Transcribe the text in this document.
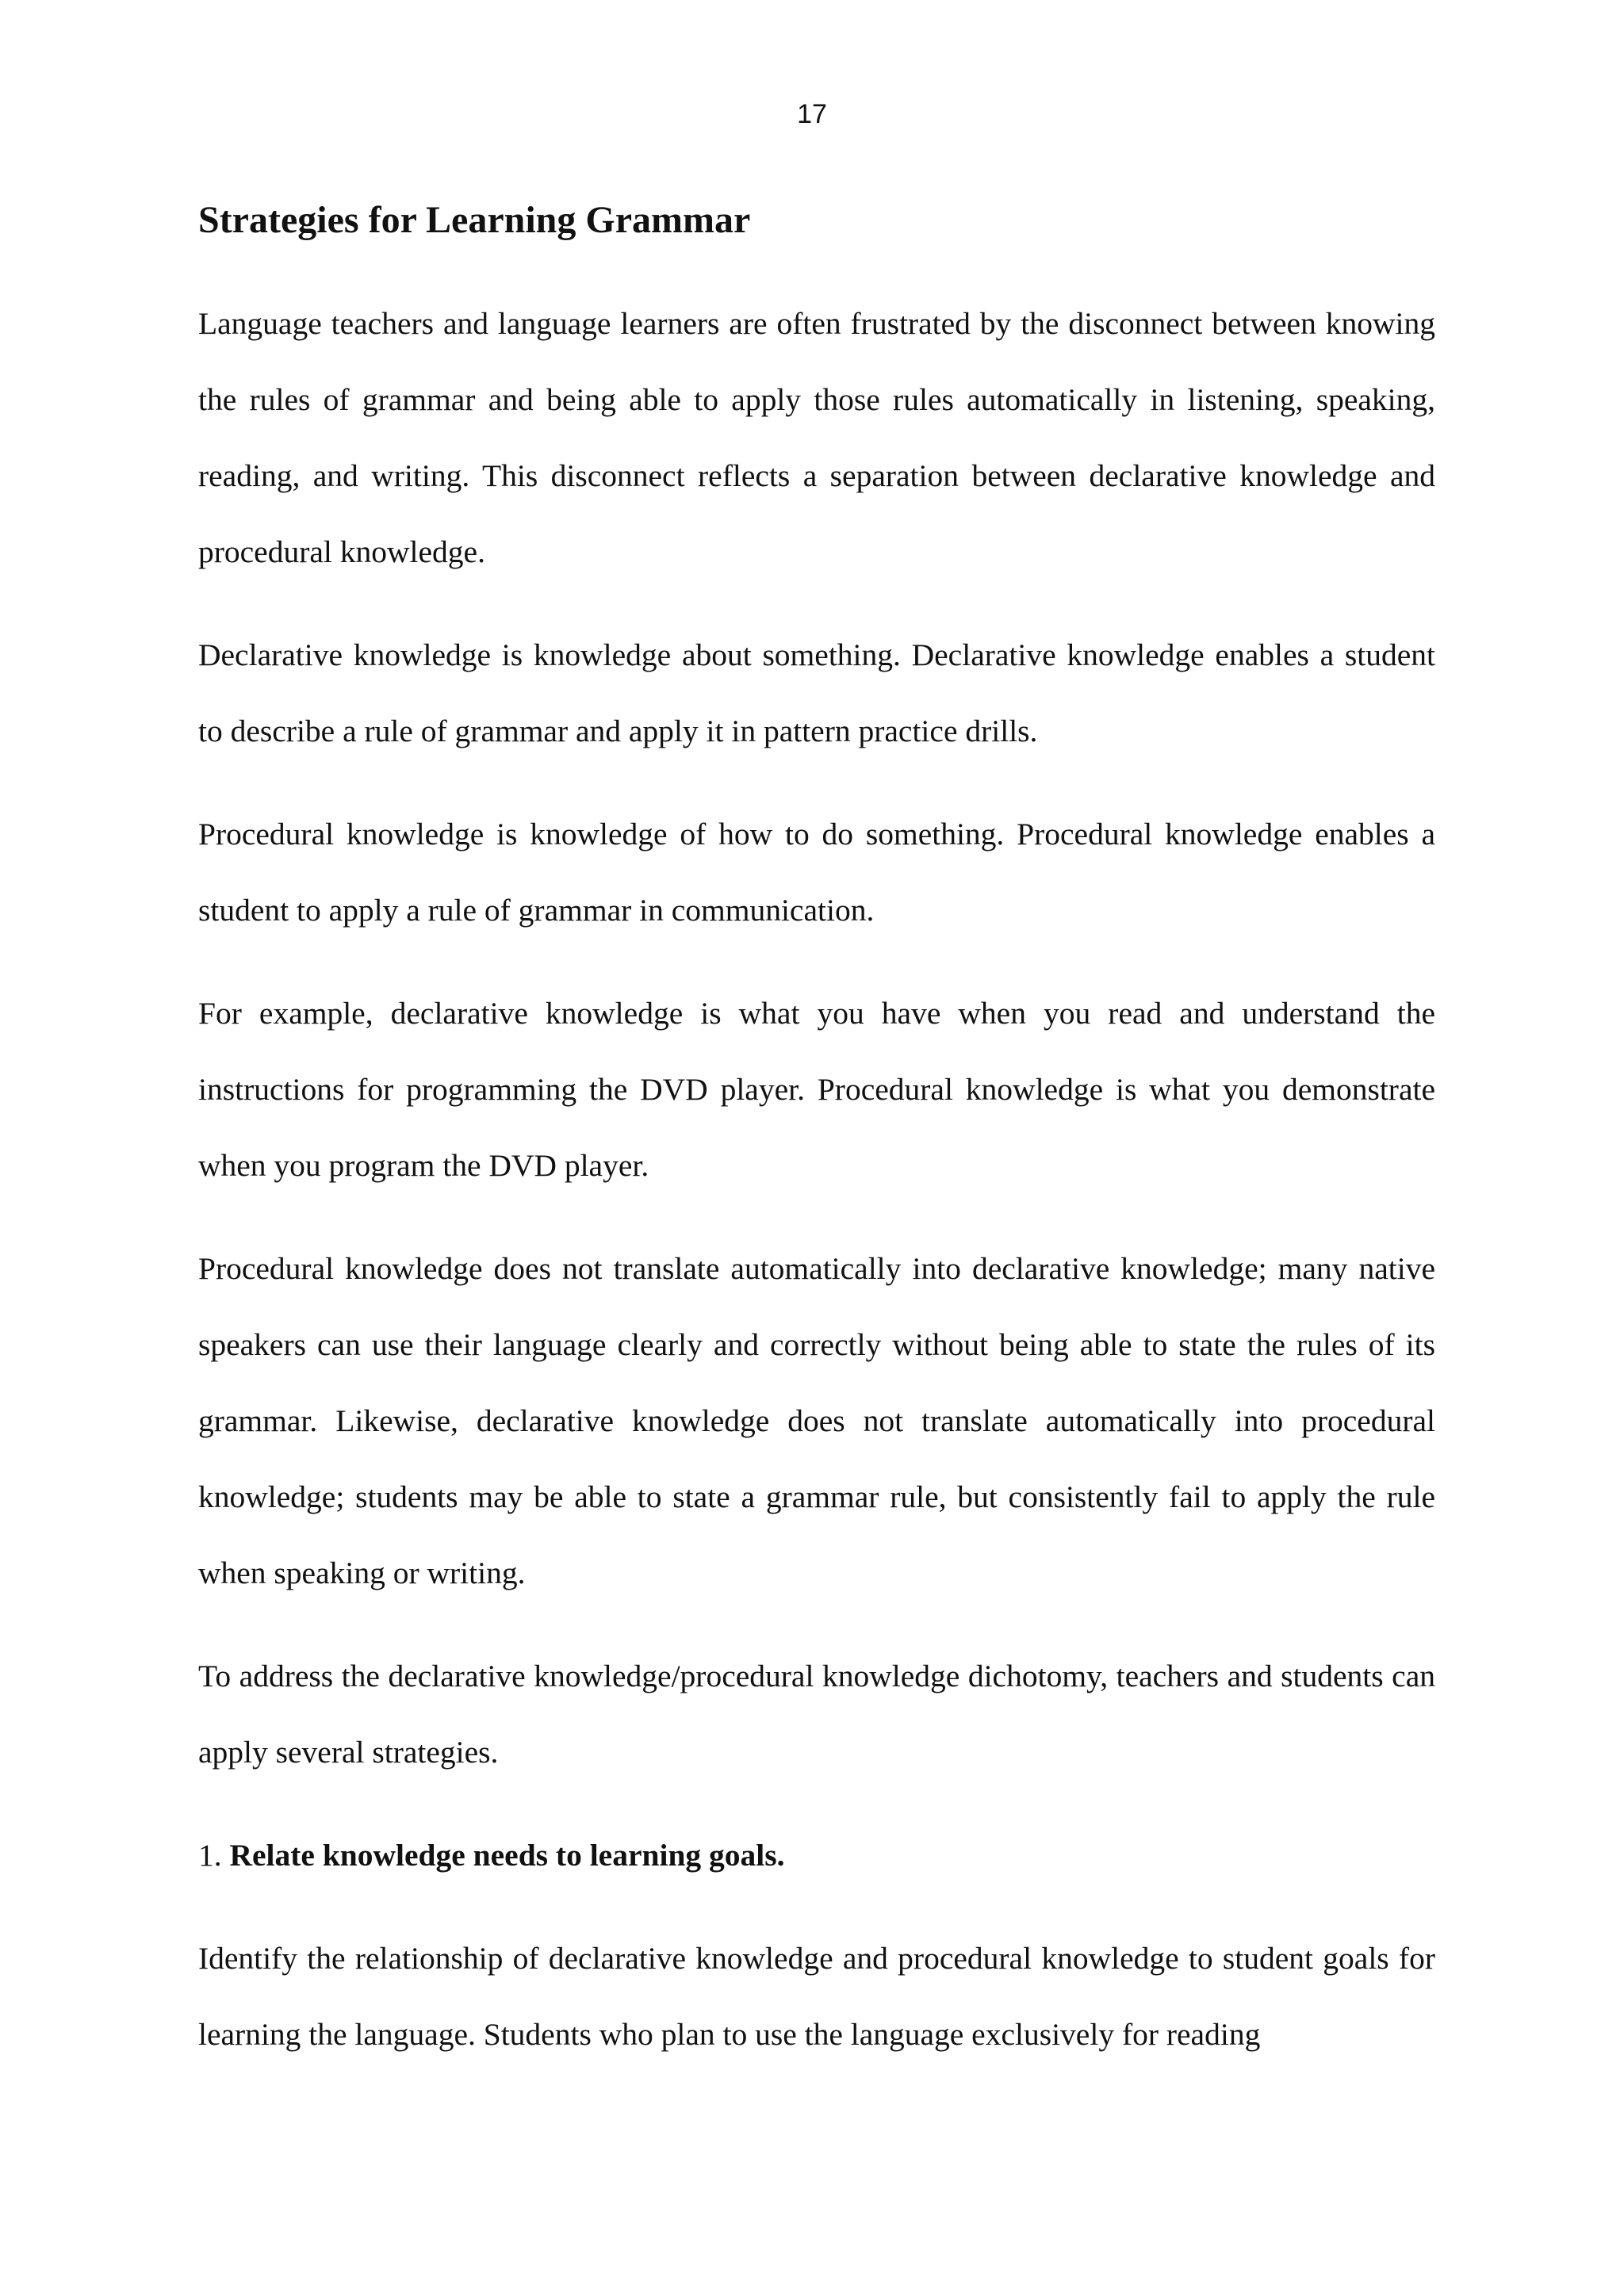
17
Strategies for Learning Grammar

Language teachers and language learners are often frustrated by the disconnect between knowing the rules of grammar and being able to apply those rules automatically in listening, speaking, reading, and writing. This disconnect reflects a separation between declarative knowledge and procedural knowledge.

Declarative knowledge is knowledge about something. Declarative knowledge enables a student to describe a rule of grammar and apply it in pattern practice drills.

Procedural knowledge is knowledge of how to do something. Procedural knowledge enables a student to apply a rule of grammar in communication.

For example, declarative knowledge is what you have when you read and understand the instructions for programming the DVD player. Procedural knowledge is what you demonstrate when you program the DVD player.

Procedural knowledge does not translate automatically into declarative knowledge; many native speakers can use their language clearly and correctly without being able to state the rules of its grammar. Likewise, declarative knowledge does not translate automatically into procedural knowledge; students may be able to state a grammar rule, but consistently fail to apply the rule when speaking or writing.

To address the declarative knowledge/procedural knowledge dichotomy, teachers and students can apply several strategies.

1. Relate knowledge needs to learning goals.

Identify the relationship of declarative knowledge and procedural knowledge to student goals for learning the language. Students who plan to use the language exclusively for reading
